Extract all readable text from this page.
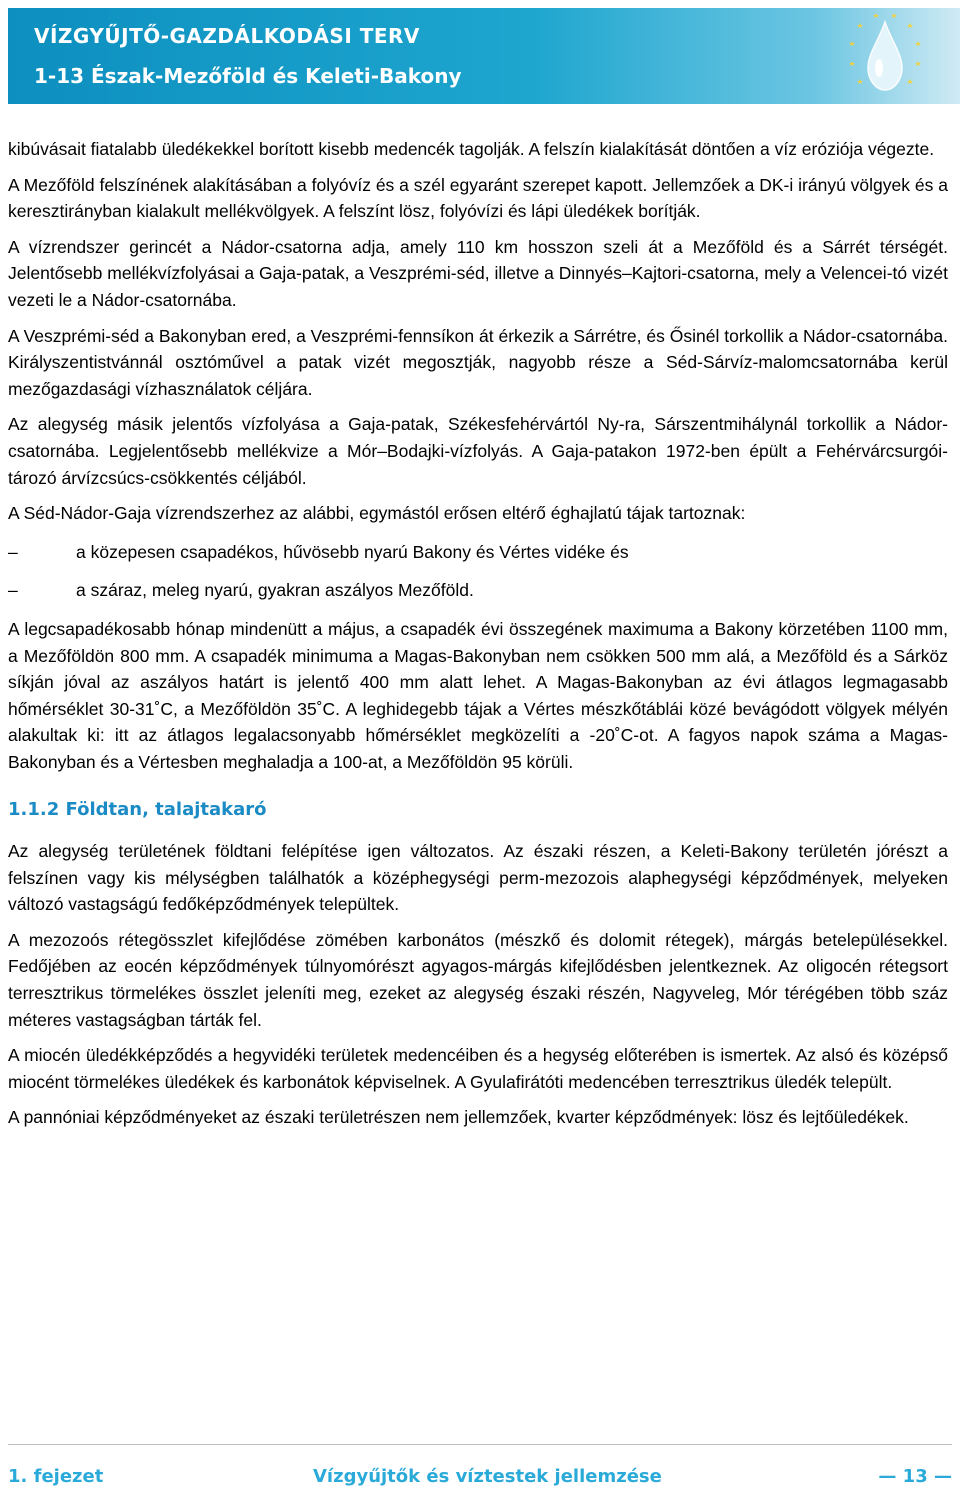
VÍZGYŰJTŐ-GAZDÁLKODÁSI TERV
1-13 Észak-Mezőföld és Keleti-Bakony

kibúvásait fiatalabb üledékekkel borított kisebb medencék tagolják. A felszín kialakítását döntően a víz eróziója végezte.

A Mezőföld felszínének alakításában a folyóvíz és a szél egyaránt szerepet kapott. Jellemzőek a DK-i irányú völgyek és a keresztirányban kialakult mellékvölgyek. A felszínt lösz, folyóvízi és lápi üledékek borítják.

A vízrendszer gerincét a Nádor-csatorna adja, amely 110 km hosszon szeli át a Mezőföld és a Sárrét térségét. Jelentősebb mellékvízfolyásai a Gaja-patak, a Veszprémi-séd, illetve a Dinnyés–Kajtori-csatorna, mely a Velencei-tó vizét vezeti le a Nádor-csatornába.

A Veszprémi-séd a Bakonyban ered, a Veszprémi-fennsíkon át érkezik a Sárrétre, és Ősinél torkollik a Nádor-csatornába. Királyszentistvánnál osztóművel a patak vizét megosztják, nagyobb része a Séd-Sárvíz-malomcsatornába kerül mezőgazdasági vízhasználatok céljára.

Az alegység másik jelentős vízfolyása a Gaja-patak, Székesfehérvártól Ny-ra, Sárszentmihálynál torkollik a Nádor-csatornába. Legjelentősebb mellékvize a Mór–Bodajki-vízfolyás. A Gaja-patakon 1972-ben épült a Fehérvárcsurgói-tározó árvízcsúcs-csökkentés céljából.

A Séd-Nádor-Gaja vízrendszerhez az alábbi, egymástól erősen eltérő éghajlatú tájak tartoznak:

–	a közepesen csapadékos, hűvösebb nyarú Bakony és Vértes vidéke és
–	a száraz, meleg nyarú, gyakran aszályos Mezőföld.

A legcsapadékosabb hónap mindenütt a május, a csapadék évi összegének maximuma a Bakony körzetében 1100 mm, a Mezőföldön 800 mm. A csapadék minimuma a Magas-Bakonyban nem csökken 500 mm alá, a Mezőföld és a Sárköz síkján jóval az aszályos határt is jelentő 400 mm alatt lehet. A Magas-Bakonyban az évi átlagos legmagasabb hőmérséklet 30-31˚C, a Mezőföldön 35˚C. A leghidegebb tájak a Vértes mészkőtáblái közé bevágódott völgyek mélyén alakultak ki: itt az átlagos legalacsonyabb hőmérséklet megközelíti a -20˚C-ot. A fagyos napok száma a Magas-Bakonyban és a Vértesben meghaladja a 100-at, a Mezőföldön 95 körüli.

1.1.2 Földtan, talajtakaró

Az alegység területének földtani felépítése igen változatos. Az északi részen, a Keleti-Bakony területén jórészt a felszínen vagy kis mélységben találhatók a középhegységi perm-mezozois alaphegységi képződmények, melyeken változó vastagságú fedőképződmények települtek.

A mezozoós rétegösszlet kifejlődése zömében karbonátos (mészkő és dolomit rétegek), márgás betelepülésekkel. Fedőjében az eocén képződmények túlnyomórészt agyagos-márgás kifejlődésben jelentkeznek. Az oligocén rétegsort terresztrikus törmelékes összlet jeleníti meg, ezeket az alegység északi részén, Nagyveleg, Mór térégében több száz méteres vastagságban tárták fel.

A miocén üledékképződés a hegyvidéki területek medencéiben és a hegység előterében is ismertek. Az alsó és középső miocént törmelékes üledékek és karbonátok képviselnek. A Gyulafirátóti medencében terresztrikus üledék települt.

A pannóniai képződményeket az északi területrészen nem jellemzőek, kvarter képződmények: lösz és lejtőüledékek.

1. fejezet	Vízgyűjtők és víztestek jellemzése	— 13 —
